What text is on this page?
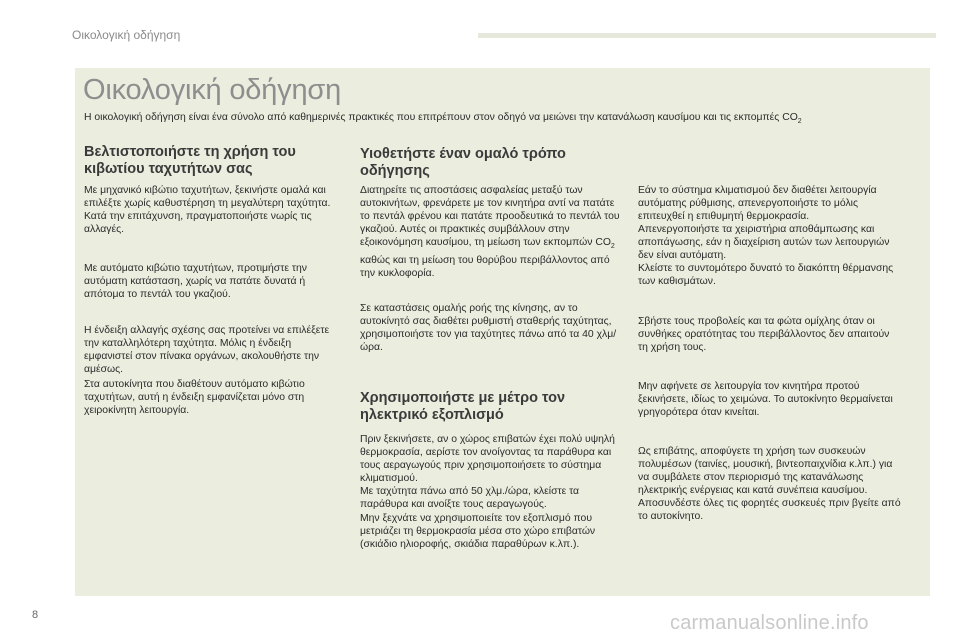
Οικολογική οδήγηση
Οικολογική οδήγηση
Η οικολογική οδήγηση είναι ένα σύνολο από καθημερινές πρακτικές που επιτρέπουν στον οδηγό να μειώνει την κατανάλωση καυσίμου και τις εκπομπές $CO_2$
Βελτιστοποιήστε τη χρήση του
κιβωτίου ταχυτήτων σας

Με μηχανικό κιβώτιο ταχυτήτων, ξεκινήστε ομαλά και επιλέξτε χωρίς καθυστέρηση τη μεγαλύτερη ταχύτητα. Κατά την επιτάχυνση, πραγματοποιήστε νωρίς τις αλλαγές.

Με αυτόματο κιβώτιο ταχυτήτων, προτιμήστε την αυτόματη κατάσταση, χωρίς να πατάτε δυνατά ή απότομα το πεντάλ του γκαζιού.

Η ένδειξη αλλαγής σχέσης σας προτείνει να επιλέξετε την καταλληλότερη ταχύτητα. Μόλις η ένδειξη εμφανιστεί στον πίνακα οργάνων, ακολουθήστε την αμέσως.

Στα αυτοκίνητα που διαθέτουν αυτόματο κιβώτιο ταχυτήτων, αυτή η ένδειξη εμφανίζεται μόνο στη χειροκίνητη λειτουργία.

Υιοθετήστε έναν ομαλό τρόπο οδήγησης

Διατηρείτε τις αποστάσεις ασφαλείας μεταξύ των αυτοκινήτων, φρενάρετε με τον κινητήρα αντί να πατάτε το πεντάλ φρένου και πατάτε προοδευτικά το πεντάλ του γκαζιού. Αυτές οι πρακτικές συμβάλλουν στην εξοικονόμηση καυσίμου, τη μείωση των εκπομπών $CO_2$ καθώς και τη μείωση του θορύβου περιβάλλοντος από την κυκλοφορία.

Σε καταστάσεις ομαλής ροής της κίνησης, αν το αυτοκίνητό σας διαθέτει ρυθμιστή σταθερής ταχύτητας, χρησιμοποιήστε τον για ταχύτητες πάνω από τα 40 χλμ/ώρα.

Χρησιμοποιήστε με μέτρο τον
ηλεκτρικό εξοπλισμό

Πριν ξεκινήσετε, αν ο χώρος επιβατών έχει πολύ υψηλή θερμοκρασία, αερίστε τον ανοίγοντας τα παράθυρα και τους αεραγωγούς πριν χρησιμοποιήσετε το σύστημα κλιματισμού.

Με ταχύτητα πάνω από 50 χλμ./ώρα, κλείστε τα παράθυρα και ανοίξτε τους αεραγωγούς.

Μην ξεχνάτε να χρησιμοποιείτε τον εξοπλισμό που μετριάζει τη θερμοκρασία μέσα στο χώρο επιβατών (σκιάδιο ηλιοροφής, σκιάδια παραθύρων κ.λπ.).

Εάν το σύστημα κλιματισμού δεν διαθέτει λειτουργία αυτόματης ρύθμισης, απενεργοποιήστε το μόλις επιτευχθεί η επιθυμητή θερμοκρασία.

Απενεργοποιήστε τα χειριστήρια αποθάμπωσης και αποπάγωσης, εάν η διαχείριση αυτών των λειτουργιών δεν είναι αυτόματη.

Κλείστε το συντομότερο δυνατό το διακόπτη θέρμανσης των καθισμάτων.

Σβήστε τους προβολείς και τα φώτα ομίχλης όταν οι συνθήκες ορατότητας του περιβάλλοντος δεν απαιτούν τη χρήση τους.

Μην αφήνετε σε λειτουργία τον κινητήρα προτού ξεκινήσετε, ιδίως το χειμώνα. Το αυτοκίνητο θερμαίνεται γρηγορότερα όταν κινείται.

Ως επιβάτης, αποφύγετε τη χρήση των συσκευών πολυμέσων (ταινίες, μουσική, βιντεοπαιχνίδια κ.λπ.) για να συμβάλετε στον περιορισμό της κατανάλωσης ηλεκτρικής ενέργειας και κατά συνέπεια καυσίμου. Αποσυνδέστε όλες τις φορητές συσκευές πριν βγείτε από το αυτοκίνητο.

8	carmanualsonline.info
